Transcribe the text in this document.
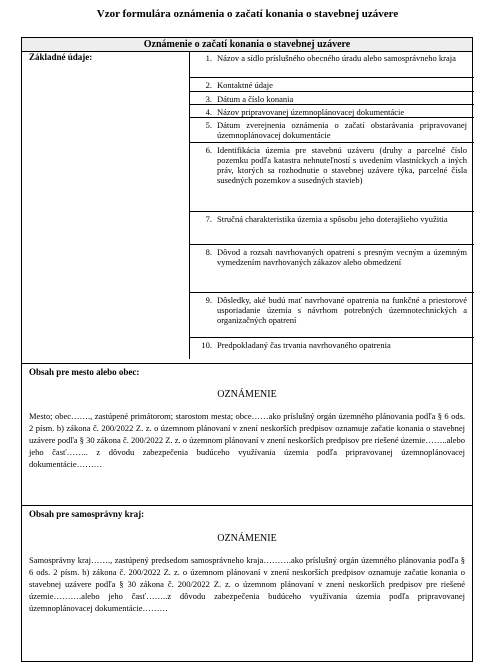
Vzor formulára oznámenia o začatí konania o stavebnej uzávere
Oznámenie o začatí konania o stavebnej uzávere
Základné údaje:	1. Názov a sídlo príslušného obecného úradu alebo samosprávneho kraja
2. Kontaktné údaje
3. Dátum a číslo konania
4. Názov pripravovanej územnoplánovacej dokumentácie
5. Dátum zverejnenia oznámenia o začatí obstarávania pripravovanej územnoplánovacej dokumentácie
6. Identifikácia územia pre stavebnú uzáveru (druhy a parcelné číslo pozemku podľa katastra nehnuteľností s uvedením vlastníckych a iných práv, ktorých sa rozhodnutie o stavebnej uzávere týka, parcelné čísla susedných pozemkov a susedných stavieb)
7. Stručná charakteristika územia a spôsobu jeho doterajšieho využitia
8. Dôvod a rozsah navrhovaných opatrení s presným vecným a územným vymedzením navrhovaných zákazov alebo obmedzení
9. Dôsledky, aké budú mať navrhované opatrenia na funkčné a priestorové usporiadanie územia s návrhom potrebných územnotechnických a organizačných opatrení
10. Predpokladaný čas trvania navrhovaného opatrenia
Obsah pre mesto alebo obec:
OZNÁMENIE
Mesto; obec……., zastúpené primátorom; starostom mesta; obce……ako príslušný orgán územného plánovania podľa § 6 ods. 2 písm. b) zákona č. 200/2022 Z. z. o územnom plánovaní v znení neskorších predpisov oznamuje začatie konania o stavebnej uzávere podľa § 30 zákona č. 200/2022 Z. z. o územnom plánovaní v znení neskorších predpisov pre riešené územie……..alebo jeho časť…….. z dôvodu zabezpečenia budúceho využívania územia podľa pripravovanej územnoplánovacej dokumentácie………
Obsah pre samosprávny kraj:
OZNÁMENIE
Samosprávny kraj……., zastúpený predsedom samosprávneho kraja……….ako príslušný orgán územného plánovania podľa § 6 ods. 2 písm. b) zákona č. 200/2022 Z. z. o územnom plánovaní v znení neskorších predpisov oznamuje začatie konania o stavebnej uzávere podľa § 30 zákona č. 200/2022 Z. z. o územnom plánovaní v znení neskorších predpisov pre riešené územie……….alebo jeho časť……..z dôvodu zabezpečenia budúceho využívania územia podľa pripravovanej územnoplánovacej dokumentácie………
